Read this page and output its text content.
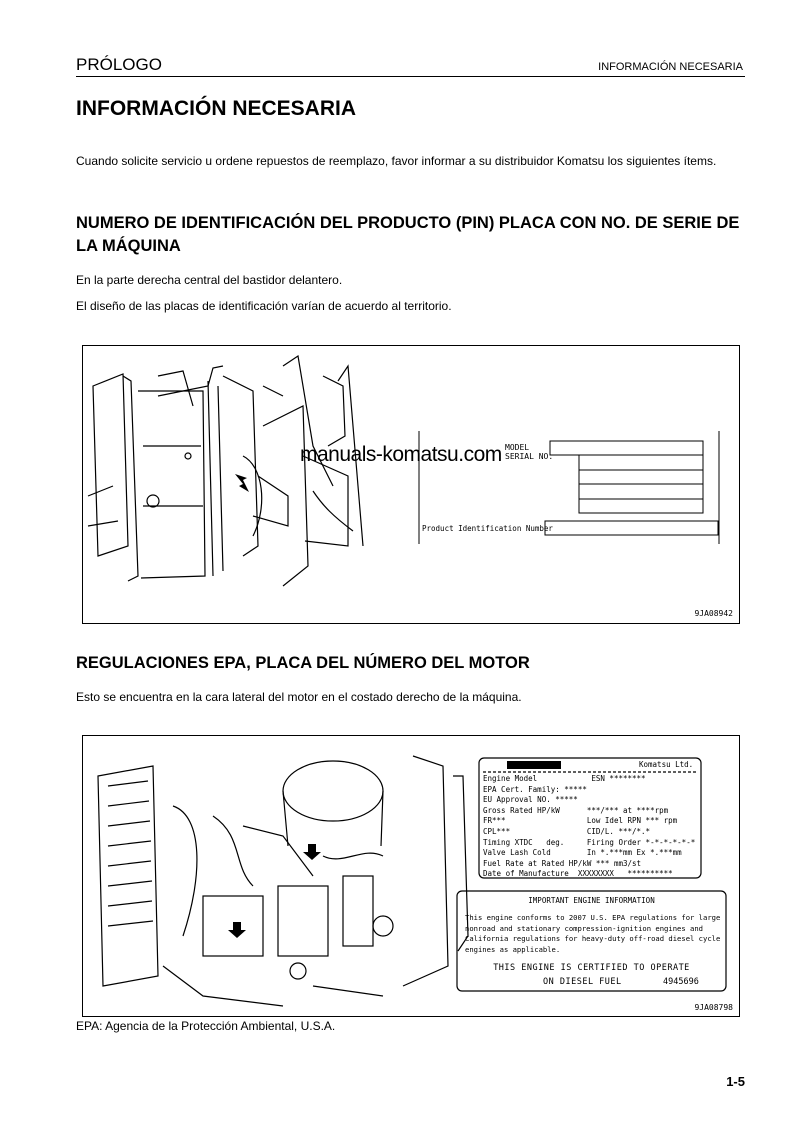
PRÓLOGO	INFORMACIÓN NECESARIA
INFORMACIÓN NECESARIA
Cuando solicite servicio u ordene repuestos de reemplazo, favor informar a su distribuidor Komatsu los siguientes ítems.
NUMERO DE IDENTIFICACIÓN DEL PRODUCTO (PIN) PLACA CON NO. DE SERIE DE LA MÁQUINA
En la parte derecha central del bastidor delantero.
El diseño de las placas de identificación varían de acuerdo al territorio.
MODEL
SERIAL NO.
Product Identification Number
9JA08942
manuals-komatsu.com
REGULACIONES EPA, PLACA DEL NÚMERO DEL MOTOR
Esto se encuentra en la cara lateral del motor en el costado derecho de la máquina.
Komatsu Ltd.
Engine Model            ESN ********
EPA Cert. Family: *****
EU Approval NO. *****
Gross Rated HP/kW      ***/*** at ****rpm
FR***                  Low Idel RPN *** rpm
CPL***                 CID/L. ***/*.*
Timing XTDC   deg.     Firing Order *-*-*-*-*-*
Valve Lash Cold        In *.***mm Ex *.***mm
Fuel Rate at Rated HP/kW *** mm3/st
Date of Manufacture  XXXXXXXX   **********
IMPORTANT ENGINE INFORMATION
This engine conforms to 2007 U.S. EPA regulations for large nonroad and stationary compression-ignition engines and California regulations for heavy-duty off-road diesel cycle engines as applicable.
THIS ENGINE IS CERTIFIED TO OPERATE
ON DIESEL FUEL	4945696
9JA08798
EPA: Agencia de la Protección Ambiental, U.S.A.
1-5
